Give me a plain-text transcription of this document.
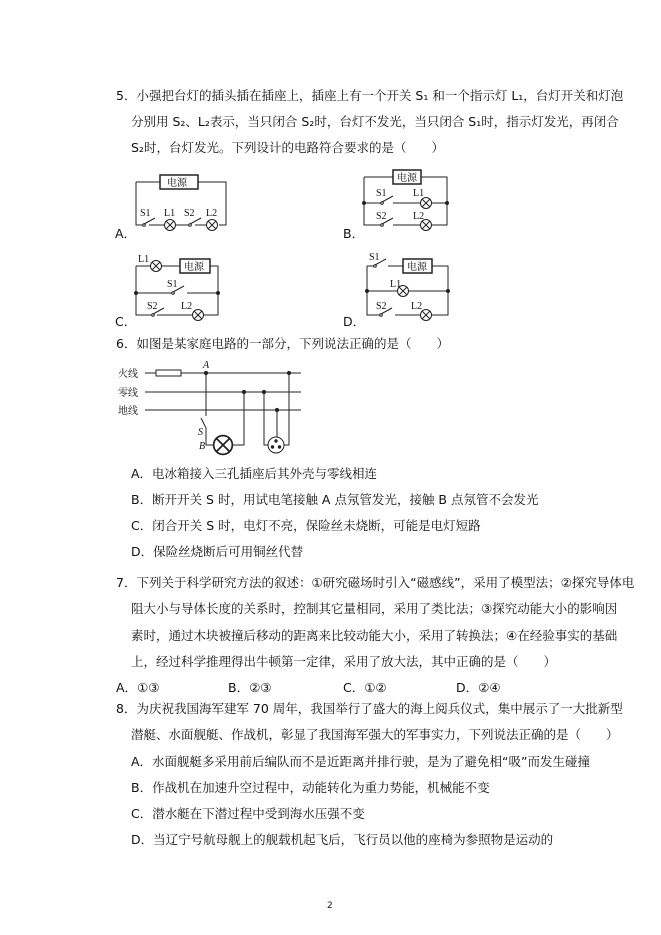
5．小强把台灯的插头插在插座上，插座上有一个开关 S₁ 和一个指示灯 L₁，台灯开关和灯泡
分别用 S₂、L₂表示，当只闭合 S₂时，台灯不发光，当只闭合 S₁时，指示灯发光，再闭合
S₂时，台灯发光。下列设计的电路符合要求的是（　　）
A．	B．
C．	D．
6．如图是某家庭电路的一部分，下列说法正确的是（　　）
A．电冰箱接入三孔插座后其外壳与零线相连
B．断开开关 S 时，用试电笔接触 A 点氖管发光，接触 B 点氖管不会发光
C．闭合开关 S 时，电灯不亮，保险丝未烧断，可能是电灯短路
D．保险丝烧断后可用铜丝代替
7．下列关于科学研究方法的叙述：①研究磁场时引入“磁感线”，采用了模型法；②探究导体电
阻大小与导体长度的关系时，控制其它量相同，采用了类比法；③探究动能大小的影响因
素时，通过木块被撞后移动的距离来比较动能大小，采用了转换法；④在经验事实的基础
上，经过科学推理得出牛顿第一定律，采用了放大法，其中正确的是（　　）
A．①③	B．②③	C．①②	D．②④
8．为庆祝我国海军建军 70 周年，我国举行了盛大的海上阅兵仪式，集中展示了一大批新型
潜艇、水面舰艇、作战机，彰显了我国海军强大的军事实力，下列说法正确的是（　　）
A．水面舰艇多采用前后编队而不是近距离并排行驶，是为了避免相“吸”而发生碰撞
B．作战机在加速升空过程中，动能转化为重力势能，机械能不变
C．潜水艇在下潜过程中受到海水压强不变
D．当辽宁号航母舰上的舰载机起飞后，飞行员以他的座椅为参照物是运动的
2
电源
S1 L1 S2 L2
电源
S1	L1
S2	L2
电源
L1
S1
S2 L2
电源
S1
L1
S2 L2
火线
零线
地线
A
S
B
